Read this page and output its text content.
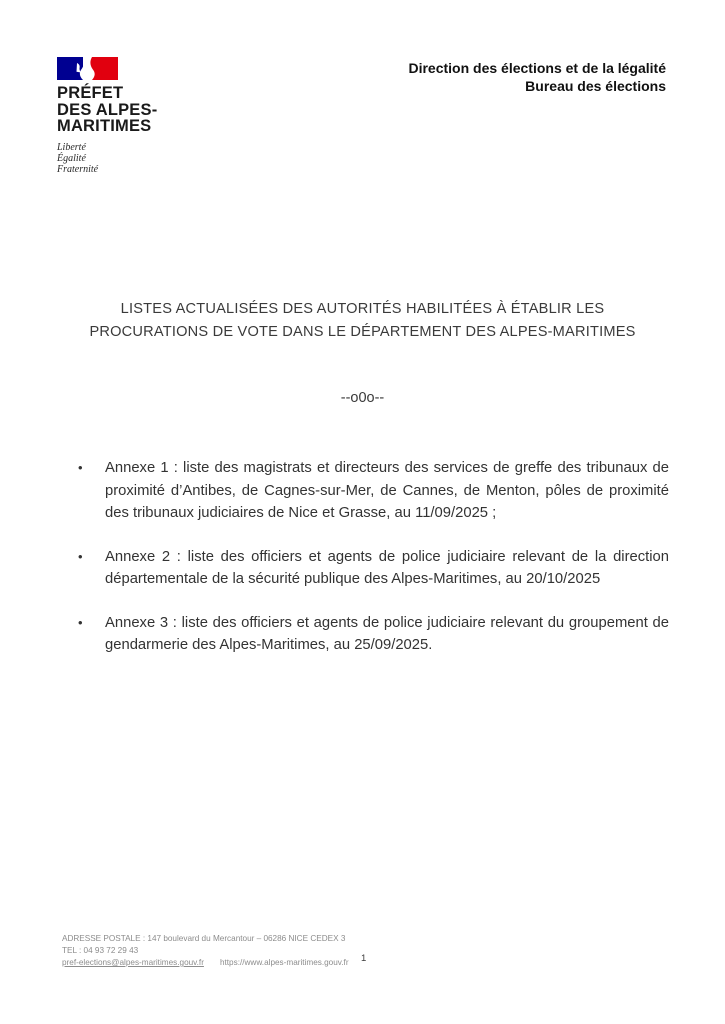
PRÉFET
DES ALPES-
MARITIMES
Liberté
Égalité
Fraternité
Direction des élections et de la légalité
Bureau des élections
LISTES ACTUALISÉES DES AUTORITÉS HABILITÉES À ÉTABLIR LES
PROCURATIONS DE VOTE DANS LE DÉPARTEMENT DES ALPES-MARITIMES
--o0o--
•	Annexe 1 : liste des magistrats et directeurs des services de greffe des tribunaux de proximité d’Antibes, de Cagnes-sur-Mer, de Cannes, de Menton, pôles de proximité des tribunaux judiciaires de Nice et Grasse, au 11/09/2025 ;
•	Annexe 2 : liste des officiers et agents de police judiciaire relevant de la direction départementale de la sécurité publique des Alpes-Maritimes, au 20/10/2025
•	Annexe 3 : liste des officiers et agents de police judiciaire relevant du groupement de gendarmerie des Alpes-Maritimes, au 25/09/2025.
ADRESSE POSTALE : 147 boulevard du Mercantour – 06286 NICE CEDEX 3
TEL : 04 93 72 29 43
pref-elections@alpes-maritimes.gouv.fr https://www.alpes-maritimes.gouv.fr 1
